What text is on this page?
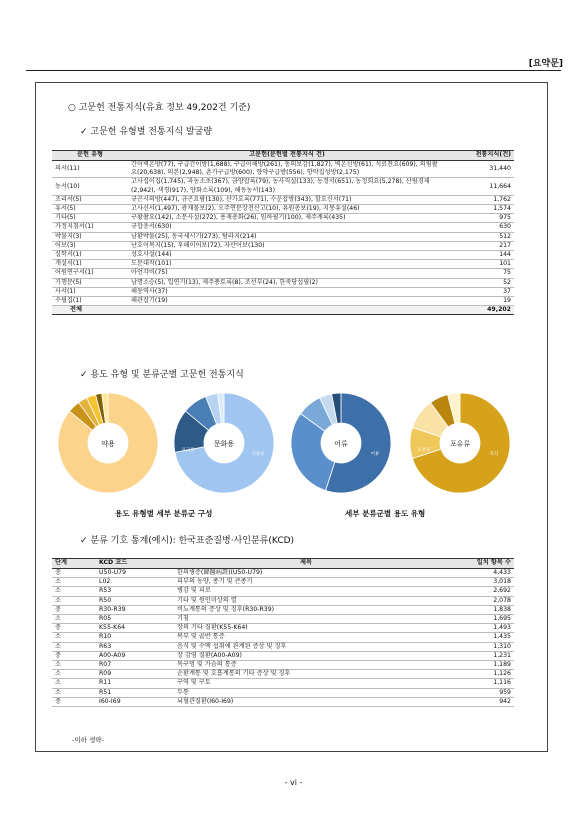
[요약문]
○ 고문헌 전통지식(유효 정보 49,202건 기준)
✓ 고문헌 유형별 전통지식 발굴량
문헌 유형	고문헌(문헌별 전통지식 건)	전통지식(건)
의서(11)	간이벽온방(77), 구급간이방(1,688), 구급이해방(261), 동의보감(1,827), 벽온신방(61), 식료찬요(609), 의림촬요(20,638), 의본(2,948), 촌가구급방(600), 향약구급방(556), 향약집성방(2,175)	31,440
농서(10)	고사십이집(1,745), 과농소초(367), 금양잡록(79), 농사직설(133), 농정서(651), 농정회요(5,278), 산림경제(2,942), 색경(917), 양화소록(109), 해동농서(143)	11,664
조리서(5)	규곤시의방(447), 규곤요람(130), 산가요록(771), 수운잡방(343), 할요신서(71)	1,762
유서(5)	고사신서(1,497), 광재물보(2), 오주연문장전산고(10), 유원총보(19), 지봉유설(46)	1,574
기타(5)	구황촬요(142), 소문사설(272), 용재총화(26), 임하필기(100), 제주계록(435)	975
가정지침서(1)	규합총서(630)	630
박물지(3)	남환박물(25), 동국세시기(273), 탐라지(214)	512
어보(3)	난호어목지(15), 우해이어보(72), 자산어보(130)	217
실학서(1)	성호사설(144)	144
개설서(1)	도문대작(101)	101
어원연구서(1)	아언각비(75)	75
기행문(5)	남명소승(5), 입연기(13), 제주풍토록(8), 조선부(24), 한죽당섭필(2)	52
사서(1)	해동역사(37)	37
수필집(1)	패관잡기(19)	19
전체		49,202
✓ 용도 유형 및 분류군별 고문헌 전통지식
약용	문화용
식물류
표고류
어류
어류
포유류
곡식
포유류
용도 유형별 세부 분류군 구성	세부 분류군별 용도 유형
✓ 분류 기호 통계(예시): 한국표준질병·사인분류(KCD)
단계	KCD 코드	제목	일치 항목 수
중	U50-U79	한의병증(韓醫病證)(U50-U79)	4,433
소	L02	피부의 농양, 종기 및 큰종기	3,018
소	R53	병감 및 피로	2,692
소	R50	기타 및 원인미상의 열	2,078
중	R30-R39	비뇨계통의 증상 및 징후(R30-R39)	1,838
소	R05	기침	1,695
중	K55-K64	장의 기타 질환(K55-K64)	1,493
소	R10	복부 및 골반 통증	1,435
소	R63	음식 및 수액 섭취에 관계된 증상 및 징후	1,310
중	A00-A09	장 감염 질환(A00-A09)	1,231
소	R07	목구멍 및 가슴의 통증	1,189
소	R09	순환계통 및 호흡계통의 기타 증상 및 징후	1,126
소	R11	구역 및 구토	1,116
소	R51	두통	959
중	I60-I69	뇌혈관질환(I60-I69)	942
-이하 생략-
- vi -
